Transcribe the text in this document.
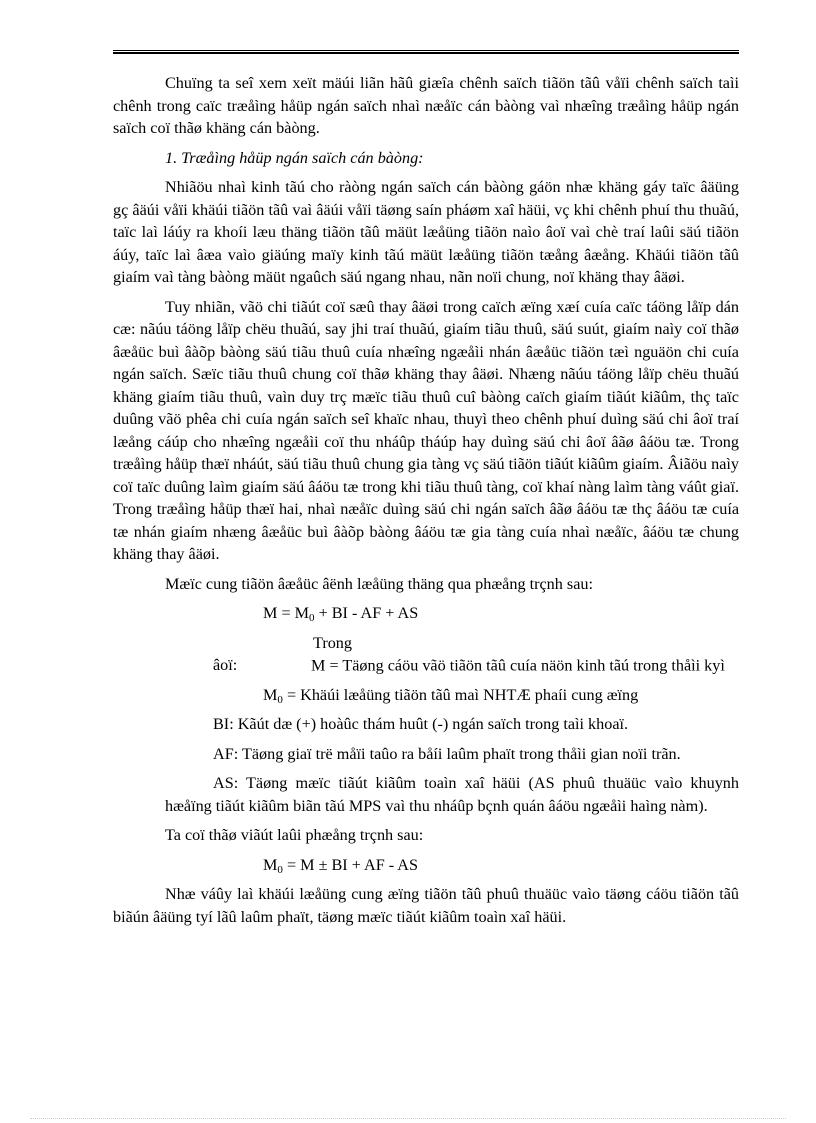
Chuïng ta seî xem xeït mäúi liãn hãû giæîa chênh saïch tiãön tãû våïi chênh saïch taìi chênh trong caïc træåìng håüp ngán saïch nhaì næåïc cán bàòng vaì nhæîng træåìng håüp ngán saïch coï thãø khäng cán bàòng.

1. Træåìng håüp ngán saïch cán bàòng:

Nhiãöu nhaì kinh tãú cho ràòng ngán saïch cán bàòng gáön nhæ khäng gáy taïc âäüng gç âäúi våïi khäúi tiãön tãû vaì âäúi våïi täøng saín pháøm xaî häüi, vç khi chênh phuí thu thuãú, taïc laì láúy ra khoíi læu thäng tiãön tãû mäüt læåüng tiãön naìo âoï vaì chè traí laûi säú tiãön áúy, taïc laì âæa vaìo giäúng maïy kinh tãú mäüt læåüng tiãön tæång âæång. Khäúi tiãön tãû giaím vaì tàng bàòng mäüt ngaûch säú ngang nhau, nãn noïi chung, noï khäng thay âäøi.

Tuy nhiãn, vãö chi tiãút coï sæû thay âäøi trong caïch æïng xæí cuía caïc táöng låïp dán cæ: nãúu táöng låïp chëu thuãú, say jhi traí thuãú, giaím tiãu thuû, säú suút, giaím naìy coï thãø âæåüc buì âàõp bàòng säú tiãu thuû cuía nhæîng ngæåìi nhán âæåüc tiãön tæì nguäön chi cuía ngán saïch. Sæïc tiãu thuû chung coï thãø khäng thay âäøi. Nhæng nãúu táöng låïp chëu thuãú khäng giaím tiãu thuû, vaìn duy trç mæïc tiãu thuû cuî bàòng caïch giaím tiãút kiãûm, thç taïc duûng vãö phêa chi cuía ngán saïch seî khaïc nhau, thuyì theo chênh phuí duìng säú chi âoï traí læång cáúp cho nhæîng ngæåìi coï thu nháûp tháúp hay duìng säú chi âoï âãø âáöu tæ. Trong træåìng håüp thæï nháút, säú tiãu thuû chung gia tàng vç säú tiãön tiãút kiãûm giaím. Âiãöu naìy coï taïc duûng laìm giaím säú âáöu tæ trong khi tiãu thuû tàng, coï khaí nàng laìm tàng váût giaï. Trong træåìng håüp thæï hai, nhaì næåïc duìng säú chi ngán saïch âãø âáöu tæ thç âáöu tæ cuía tæ nhán giaím nhæng âæåüc buì âàõp bàòng âáöu tæ gia tàng cuía nhaì næåïc, âáöu tæ chung khäng thay âäøi.

Mæïc cung tiãön âæåüc âënh læåüng thäng qua phæång trçnh sau:

$M = M_0$ + BI - AF + AS

Trong âoï:	M = Täøng cáöu vãö tiãön tãû cuía näön kinh tãú trong thåìi kyì

$M_0$ = Khäúi læåüng tiãön tãû maì NHTÆ phaíi cung æïng

BI: Kãút dæ (+) hoàûc thám huût (-) ngán saïch trong taìi khoaï.

AF: Täøng giaï trë måïi taûo ra båíi laûm phaït trong thåìi gian noïi trãn.

AS: Täøng mæïc tiãút kiãûm toaìn xaî häüi (AS phuû thuäüc vaìo khuynh hæåïng tiãút kiãûm biãn tãú MPS vaì thu nháûp bçnh quán âáöu ngæåìi haìng nàm).

Ta coï thãø viãút laûi phæång trçnh sau:

$M_0 = M$ ± BI + AF - AS

Nhæ váûy laì khäúi læåüng cung æïng tiãön tãû phuû thuäüc vaìo täøng cáöu tiãön tãû biãún âäüng tyí lãû laûm phaït, täøng mæïc tiãút kiãûm toaìn xaî häüi.
